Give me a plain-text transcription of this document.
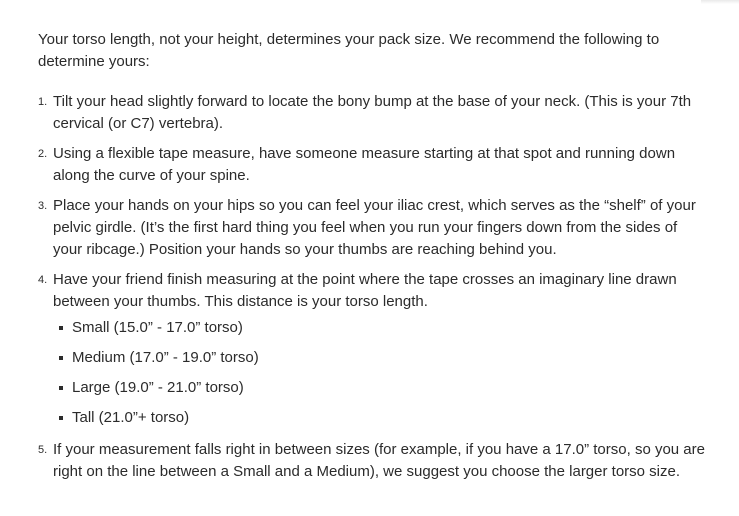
Your torso length, not your height, determines your pack size. We recommend the following to determine yours:

1. Tilt your head slightly forward to locate the bony bump at the base of your neck. (This is your 7th cervical (or C7) vertebra).
2. Using a flexible tape measure, have someone measure starting at that spot and running down along the curve of your spine.
3. Place your hands on your hips so you can feel your iliac crest, which serves as the “shelf” of your pelvic girdle. (It’s the first hard thing you feel when you run your fingers down from the sides of your ribcage.) Position your hands so your thumbs are reaching behind you.
4. Have your friend finish measuring at the point where the tape crosses an imaginary line drawn between your thumbs. This distance is your torso length.
Small (15.0” - 17.0” torso)
Medium (17.0” - 19.0” torso)
Large (19.0” - 21.0” torso)
Tall (21.0”+ torso)
5. If your measurement falls right in between sizes (for example, if you have a 17.0” torso, so you are right on the line between a Small and a Medium), we suggest you choose the larger torso size.
